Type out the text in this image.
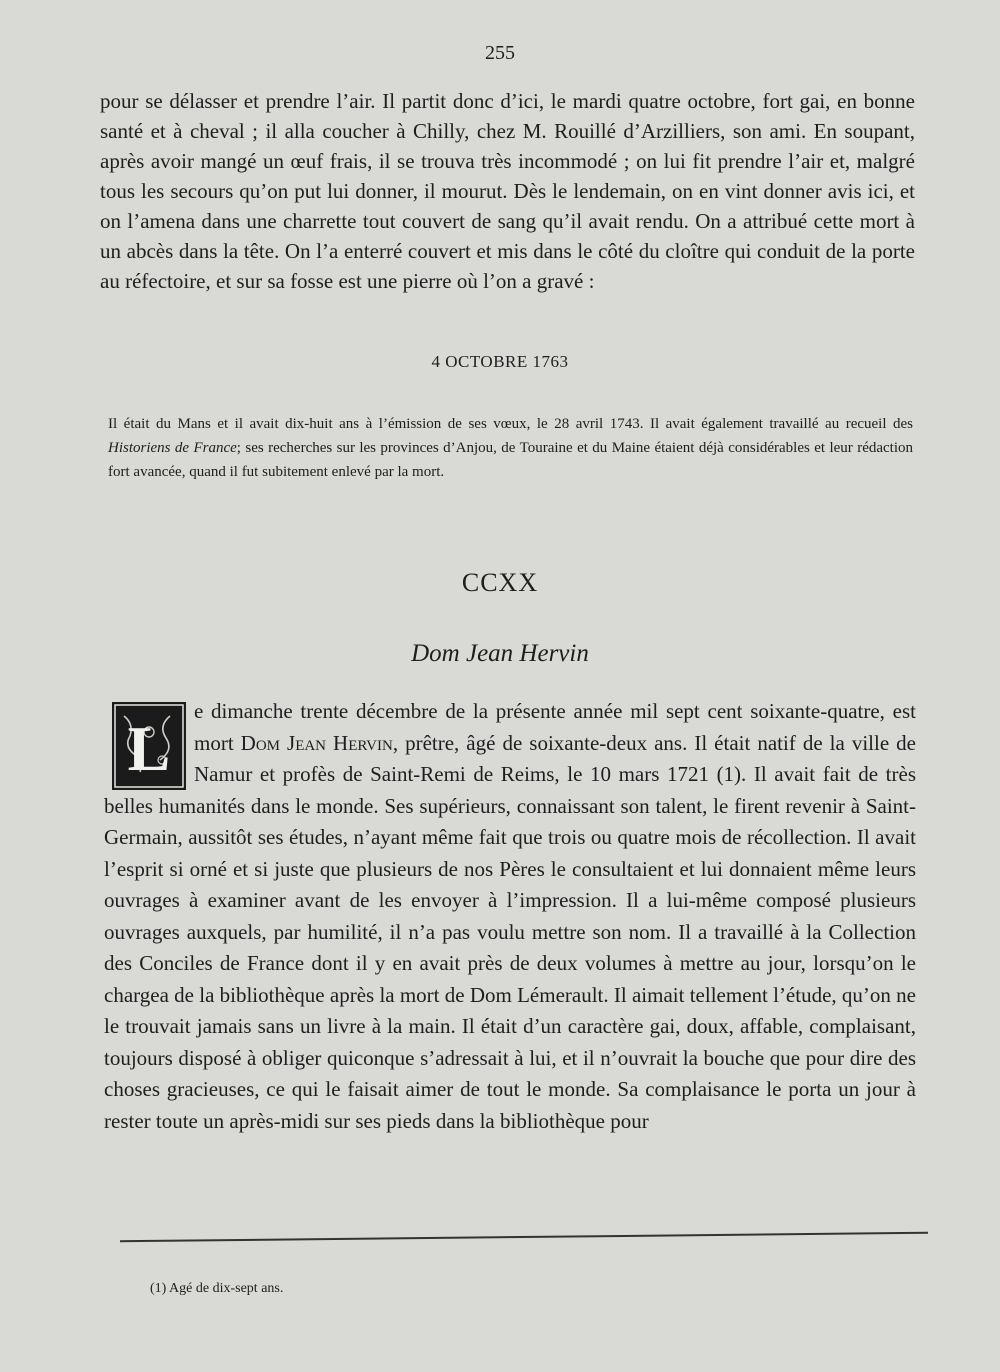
255

pour se délasser et prendre l’air. Il partit donc d’ici, le mardi quatre octobre, fort gai, en bonne santé et à cheval ; il alla coucher à Chilly, chez M. Rouillé d’Arzilliers, son ami. En soupant, après avoir mangé un œuf frais, il se trouva très incommodé ; on lui fit prendre l’air et, malgré tous les secours qu’on put lui donner, il mourut. Dès le lendemain, on en vint donner avis ici, et on l’amena dans une charrette tout couvert de sang qu’il avait rendu. On a attribué cette mort à un abcès dans la tête. On l’a enterré couvert et mis dans le côté du cloître qui conduit de la porte au réfectoire, et sur sa fosse est une pierre où l’on a gravé :

4 OCTOBRE 1763

Il était du Mans et il avait dix-huit ans à l’émission de ses vœux, le 28 avril 1743. Il avait également travaillé au recueil des Historiens de France; ses recherches sur les provinces d’Anjou, de Touraine et du Maine étaient déjà considérables et leur rédaction fort avancée, quand il fut subitement enlevé par la mort.

CCXX
Dom Jean Hervin

L
e dimanche trente décembre de la présente année mil sept cent soixante-quatre, est mort Dom Jean Hervin, prêtre, âgé de soixante-deux ans. Il était natif de la ville de Namur et profès de Saint-Remi de Reims, le 10 mars 1721 (1). Il avait fait de très belles humanités dans le monde. Ses supérieurs, connaissant son talent, le firent revenir à Saint-Germain, aussitôt ses études, n’ayant même fait que trois ou quatre mois de récollection. Il avait l’esprit si orné et si juste que plusieurs de nos Pères le consultaient et lui donnaient même leurs ouvrages à examiner avant de les envoyer à l’impression. Il a lui-même composé plusieurs ouvrages auxquels, par humilité, il n’a pas voulu mettre son nom. Il a travaillé à la Collection des Conciles de France dont il y en avait près de deux volumes à mettre au jour, lorsqu’on le chargea de la bibliothèque après la mort de Dom Lémerault. Il aimait tellement l’étude, qu’on ne le trouvait jamais sans un livre à la main. Il était d’un caractère gai, doux, affable, complaisant, toujours disposé à obliger quiconque s’adressait à lui, et il n’ouvrait la bouche que pour dire des choses gracieuses, ce qui le faisait aimer de tout le monde. Sa complaisance le porta un jour à rester toute un après-midi sur ses pieds dans la bibliothèque pour

(1) Agé de dix-sept ans.
